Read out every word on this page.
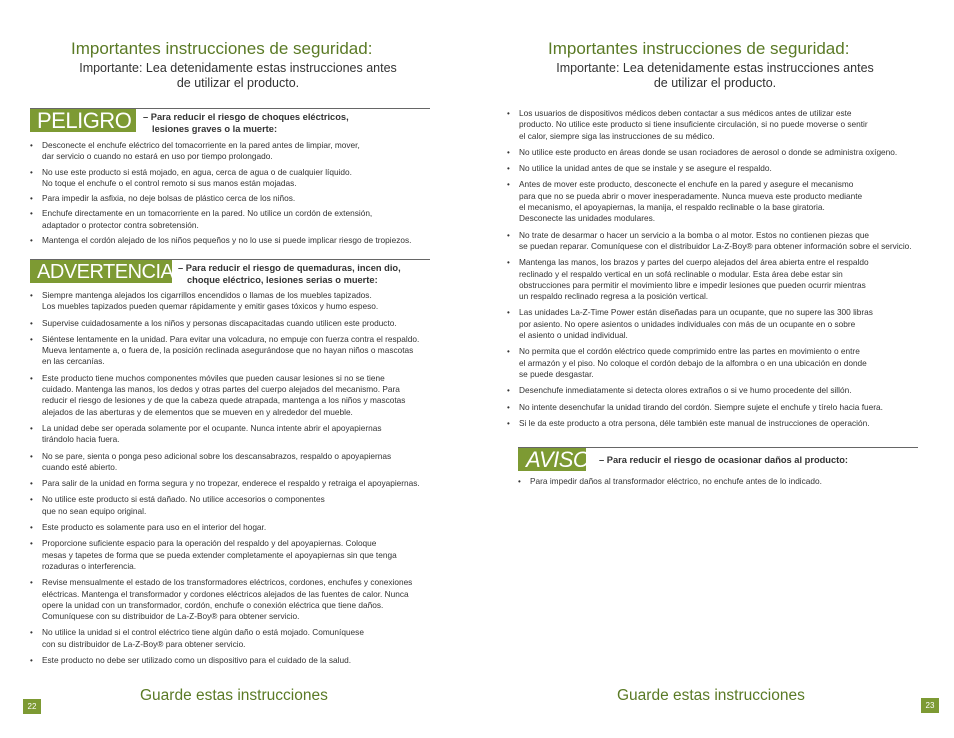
Importantes instrucciones de seguridad:
Importante: Lea detenidamente estas instrucciones antes
de utilizar el producto.
PELIGRO – Para reducir el riesgo de choques eléctricos,
lesiones graves o la muerte:
• Desconecte el enchufe eléctrico del tomacorriente en la pared antes de limpiar, mover,
dar servicio o cuando no estará en uso por tiempo prolongado.
• No use este producto si está mojado, en agua, cerca de agua o de cualquier líquido.
No toque el enchufe o el control remoto si sus manos están mojadas.
• Para impedir la asfixia, no deje bolsas de plástico cerca de los niños.
• Enchufe directamente en un tomacorriente en la pared. No utilice un cordón de extensión,
adaptador o protector contra sobretensión.
• Mantenga el cordón alejado de los niños pequeños y no lo use si puede implicar riesgo de tropiezos.
ADVERTENCIA – Para reducir el riesgo de quemaduras, incen dio,
choque eléctrico, lesiones serias o muerte:
• Siempre mantenga alejados los cigarrillos encendidos o llamas de los muebles tapizados.
Los muebles tapizados pueden quemar rápidamente y emitir gases tóxicos y humo espeso.
• Supervise cuidadosamente a los niños y personas discapacitadas cuando utilicen este producto.
• Siéntese lentamente en la unidad. Para evitar una volcadura, no empuje con fuerza contra el respaldo.
Mueva lentamente a, o fuera de, la posición reclinada asegurándose que no hayan niños o mascotas
en las cercanías.
• Este producto tiene muchos componentes móviles que pueden causar lesiones si no se tiene
cuidado. Mantenga las manos, los dedos y otras partes del cuerpo alejados del mecanismo. Para
reducir el riesgo de lesiones y de que la cabeza quede atrapada, mantenga a los niños y mascotas
alejados de las aberturas y de elementos que se mueven en y alrededor del mueble.
• La unidad debe ser operada solamente por el ocupante. Nunca intente abrir el apoyapiernas
tirándolo hacia fuera.
• No se pare, sienta o ponga peso adicional sobre los descansabrazos, respaldo o apoyapiernas
cuando esté abierto.
• Para salir de la unidad en forma segura y no tropezar, enderece el respaldo y retraiga el apoyapiernas.
• No utilice este producto si está dañado. No utilice accesorios o componentes
que no sean equipo original.
• Este producto es solamente para uso en el interior del hogar.
• Proporcione suficiente espacio para la operación del respaldo y del apoyapiernas. Coloque
mesas y tapetes de forma que se pueda extender completamente el apoyapiernas sin que tenga
rozaduras o interferencia.
• Revise mensualmente el estado de los transformadores eléctricos, cordones, enchufes y conexiones
eléctricas. Mantenga el transformador y cordones eléctricos alejados de las fuentes de calor. Nunca
opere la unidad con un transformador, cordón, enchufe o conexión eléctrica que tiene daños.
Comuníquese con su distribuidor de La-Z-Boy® para obtener servicio.
• No utilice la unidad si el control eléctrico tiene algún daño o está mojado. Comuníquese
con su distribuidor de La-Z-Boy® para obtener servicio.
• Este producto no debe ser utilizado como un dispositivo para el cuidado de la salud.
Guarde estas instrucciones
22
Importantes instrucciones de seguridad:
Importante: Lea detenidamente estas instrucciones antes
de utilizar el producto.
• Los usuarios de dispositivos médicos deben contactar a sus médicos antes de utilizar este
producto. No utilice este producto si tiene insuficiente circulación, si no puede moverse o sentir
el calor, siempre siga las instrucciones de su médico.
• No utilice este producto en áreas donde se usan rociadores de aerosol o donde se administra oxígeno.
• No utilice la unidad antes de que se instale y se asegure el respaldo.
• Antes de mover este producto, desconecte el enchufe en la pared y asegure el mecanismo
para que no se pueda abrir o mover inesperadamente. Nunca mueva este producto mediante
el mecanismo, el apoyapiernas, la manija, el respaldo reclinable o la base giratoria.
Desconecte las unidades modulares.
• No trate de desarmar o hacer un servicio a la bomba o al motor. Estos no contienen piezas que
se puedan reparar. Comuníquese con el distribuidor La-Z-Boy® para obtener información sobre el servicio.
• Mantenga las manos, los brazos y partes del cuerpo alejados del área abierta entre el respaldo
reclinado y el respaldo vertical en un sofá reclinable o modular. Esta área debe estar sin
obstrucciones para permitir el movimiento libre e impedir lesiones que pueden ocurrir mientras
un respaldo reclinado regresa a la posición vertical.
• Las unidades La-Z-Time Power están diseñadas para un ocupante, que no supere las 300 libras
por asiento. No opere asientos o unidades individuales con más de un ocupante en o sobre
el asiento o unidad individual.
• No permita que el cordón eléctrico quede comprimido entre las partes en movimiento o entre
el armazón y el piso. No coloque el cordón debajo de la alfombra o en una ubicación en donde
se puede desgastar.
• Desenchufe inmediatamente si detecta olores extraños o si ve humo procedente del sillón.
• No intente desenchufar la unidad tirando del cordón. Siempre sujete el enchufe y tírelo hacia fuera.
• Si le da este producto a otra persona, déle también este manual de instrucciones de operación.
AVISO – Para reducir el riesgo de ocasionar daños al producto:
• Para impedir daños al transformador eléctrico, no enchufe antes de lo indicado.
Guarde estas instrucciones
23
